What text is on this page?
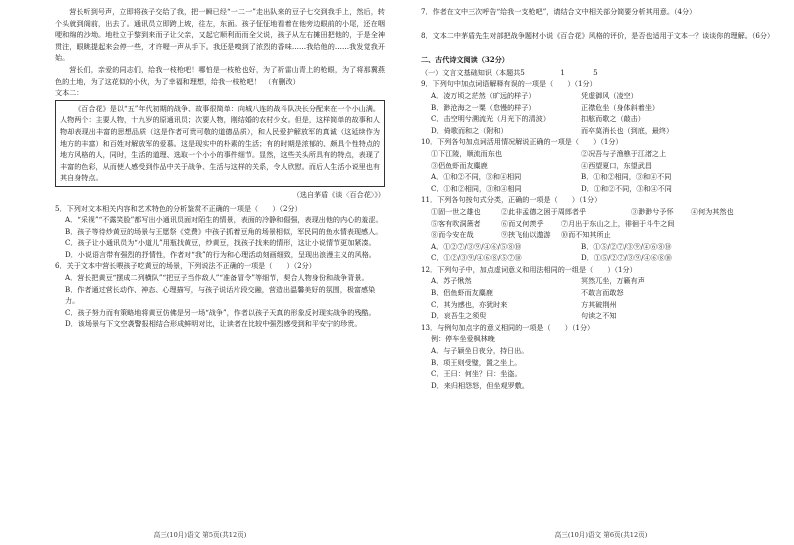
营长听到号声，立即将孩子交给了我，把一瞬已经“一二一”走出队来的豆子七交到我手上，然后，转个头就到阁前，出去了。通讯员立即跨上坡，往左，东面。孩子怔怔地看着在他旁边眼前的小尾，还在咽哽和绵的沙坳。地杜立于黎到来而子让父亲，又起它顺利而而全父说，孩子从左右摊田把他的，于是全神贯注，眼眺提起来会停一些，才许喔一声从手下。我还是嗅到了浓烈的香味……我给他的……我发觉我开始。

营长们，亲爱的同志们，给我一枝枪吧！哪怕是一枝枪也好，为了祈雷山青上的枪眼，为了将那冀燕色的土地，为了这花似的小伙，为了幸福和理想，给我一枝枪吧！　（有删改）

文本二：

《百合花》是以“五”年代初期的战争、故事很简单：向城八连的战斗队决长分配来在一个小山满。人物两个：主要人物，十九岁的原通讯员；次要人物，刚结婚的农村少女。但是，这样简单的故事和人物却表现出丰富的思想品质（这是作者可贵可敬的道德品质），和人民爱护解放军的真诚（这延续作为地方的丰富）和百姓对解放军的爱慕。这是现实中的朴素的生活；有的时期是浓郁的、颇具个性特点的地方风格的人，同时，生活的道理、选取一个小小的事件细节。显然，这些关头所具有的特点，表现了丰富的色彩，从而使人感受到作品中关于战争、生活与这样的关系，令人欣慰。而后人生活小说里也有其自身特点。

（选自茅盾《谈〈百合花〉》）

5．下列对文本相关内容和艺术特色的分析鉴赏不正确的一项是（　　）（2分）

A．“采视”“不露笑脸”都写出小通讯员面对陌生的情景，表面的冷静和倔强，表现出他的内心的羞涩。

B．孩子等待炒黄豆的场景与王愿祭《党费》中孩子抓着豆角的场景相似，军民同的鱼水情表现感人。

C．孩子让小通讯员为“小道儿”用瓶找黄豆，炒黄豆，找孩子找来的情形，这让小说情节更加紧凑。

D．小说语言带有强烈的抒情性，作者对“我”的行为和心理活动刻画细致，呈现出浪漫主义的风格。

6．关于文本中营长喂孩子吃黄豆的场景，下列说法不正确的一项是（　　）（2分）

A．营长把黄豆“摆成二列横队”“把豆子当作敌人”“准备冒令”等细节，契合人物身份和战争背景。

B．作者通过营长动作、神态、心理描写，与孩子说话片段交融，营造出温馨美好的氛围，极富感染力。

C．孩子努力而有策略地将黄豆仿佛是另一场“战争”，作者以孩子天真的形象反衬现实战争的残酷。

D．该场景与下文空袭警报相结合形成鲜明对比，让读者在比较中强烈感受到和平安宁的珍贵。

高三(10月)语文 第5页(共12页)

7．作者在文中三次呼告“给我一支枪吧”，请结合文中相关部分简要分析其用意。（4分）

8．文本二中茅盾先生对部把战争题材小说《百合花》风格的评价，是否也适用于文本一？谈谈你的理解。（6分）

二、古代诗文阅读（32分）

（一）文言文基础知识（本题共5　　　　　1　　　　5

9．下列句中加点词语解释有误的一项是（　　）（1分）

A．凌万顷之茫然（旷远的样子）	凭虚御风（凌空）
B．渺沧海之一粟（怠慢的样子）	正襟危坐（身体斜着坐）
C．击空明兮溯流光（月光下的清波）	扣舷而歌之（敲击）
D．倚歌而和之（附和）	而卒莫消长也（到底，最终）

10．下列各句加点词活用情况解说正确的一项是（　　）（1分）

①下江陵，顺流而东也	②况吾与子渔樵于江渚之上
③侣鱼虾而友麋鹿	④西望夏口，东望武昌
A．①和②不同，③和④相同	B．①和②相同，③和④不同
C．①和②相同，③和④相同	D．①和②不同，③和④不同

11．下列各句按句式分类，正确的一项是（　　）（1分）

①固一世之雄也	②此非孟德之困于周郎者乎	③渺渺兮予怀	④何为其然也
⑤客有吹洞箫者	⑥而又何羡乎	⑦月出于东山之上，徘徊于斗牛之间
⑧而今安在哉	⑨挟飞仙以遨游	⑩而不知其所止
A．①②⑦/③⑨/④⑥/⑤⑧⑩	B．①⑤/②⑦/③⑨/④⑥⑧⑩
C．①②/③⑨/④⑥⑧/⑤⑦⑩	D．①⑤/②⑦/③⑨/④⑥⑧⑩

12．下列句子中，加点虚词意义和用法相同的一组是（　　）（1分）

A．苏子愀然	冥然兀坐，万籁有声
B．侣鱼虾而友麋鹿	不敢言而敢怒
C．其为感也，亦犹时来	方其破荆州
D．哀吾生之须臾	句读之不知

13．与例句加点字的意义相同的一项是（　　）（1分）

例：停车坐爱枫林晚

A．与子颖坐日夜分，持日出。

B．项王则受璧，置之坐上。

C．王曰：何坐？曰：坐盗。

D．来归相怨怒，但坐观罗敷。

高三(10月)语文 第6页(共12页)
